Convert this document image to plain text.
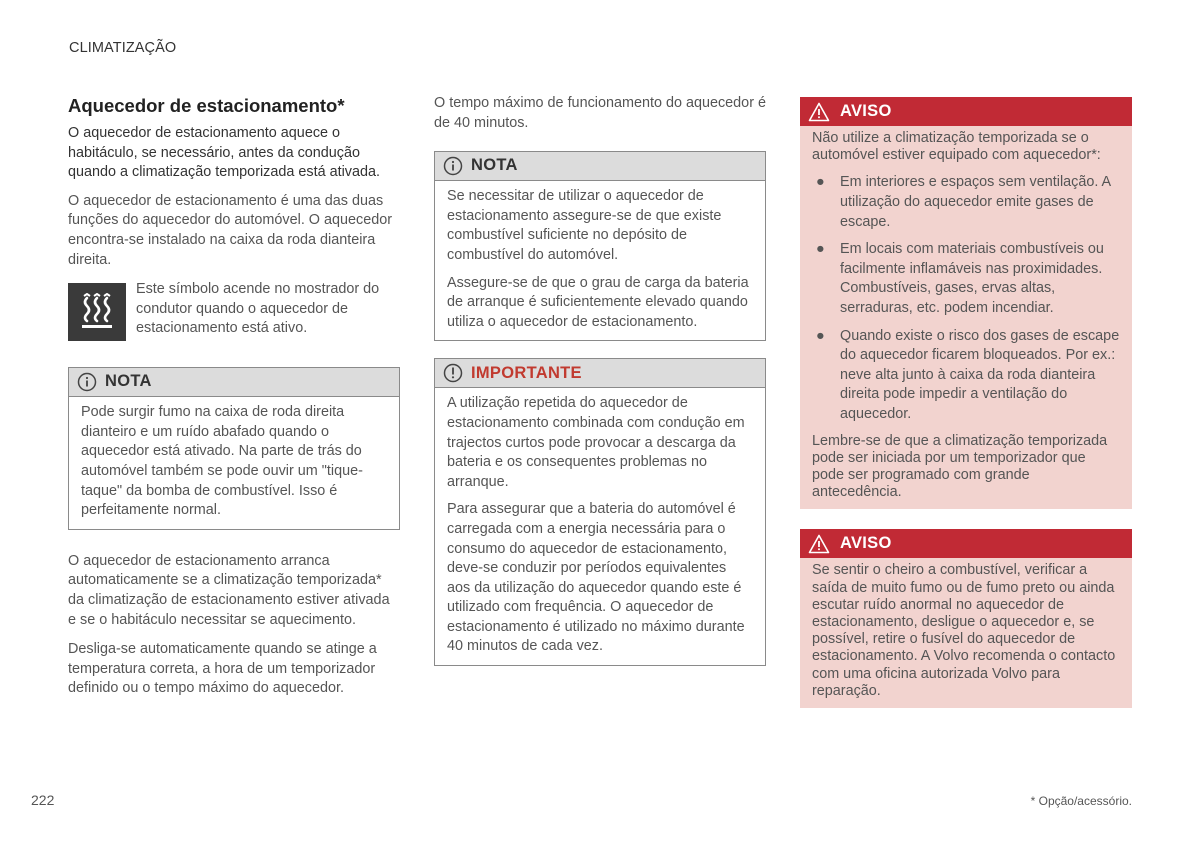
CLIMATIZAÇÃO
Aquecedor de estacionamento*

O aquecedor de estacionamento aquece o habitáculo, se necessário, antes da condução quando a climatização temporizada está ativada.

O aquecedor de estacionamento é uma das duas funções do aquecedor do automóvel. O aquecedor encontra-se instalado na caixa da roda dianteira direita.

Este símbolo acende no mostrador do condutor quando o aquecedor de estacionamento está ativo.

NOTA

Pode surgir fumo na caixa de roda direita dianteiro e um ruído abafado quando o aquecedor está ativado. Na parte de trás do automóvel também se pode ouvir um "tique-taque" da bomba de combustível. Isso é perfeitamente normal.

O aquecedor de estacionamento arranca automaticamente se a climatização temporizada* da climatização de estacionamento estiver ativada e se o habitáculo necessitar se aquecimento.

Desliga-se automaticamente quando se atinge a temperatura correta, a hora de um temporizador definido ou o tempo máximo do aquecedor.

O tempo máximo de funcionamento do aquecedor é de 40 minutos.

NOTA

Se necessitar de utilizar o aquecedor de estacionamento assegure-se de que existe combustível suficiente no depósito de combustível do automóvel.

Assegure-se de que o grau de carga da bateria de arranque é suficientemente elevado quando utiliza o aquecedor de estacionamento.

IMPORTANTE

A utilização repetida do aquecedor de estacionamento combinada com condução em trajectos curtos pode provocar a descarga da bateria e os consequentes problemas no arranque.

Para assegurar que a bateria do automóvel é carregada com a energia necessária para o consumo do aquecedor de estacionamento, deve-se conduzir por períodos equivalentes aos da utilização do aquecedor quando este é utilizado com frequência. O aquecedor de estacionamento é utilizado no máximo durante 40 minutos de cada vez.

AVISO

Não utilize a climatização temporizada se o automóvel estiver equipado com aquecedor*:

● Em interiores e espaços sem ventilação. A utilização do aquecedor emite gases de escape.
● Em locais com materiais combustíveis ou facilmente inflamáveis nas proximidades. Combustíveis, gases, ervas altas, serraduras, etc. podem incendiar.
● Quando existe o risco dos gases de escape do aquecedor ficarem bloqueados. Por ex.: neve alta junto à caixa da roda dianteira direita pode impedir a ventilação do aquecedor.

Lembre-se de que a climatização temporizada pode ser iniciada por um temporizador que pode ser programado com grande antecedência.

AVISO

Se sentir o cheiro a combustível, verificar a saída de muito fumo ou de fumo preto ou ainda escutar ruído anormal no aquecedor de estacionamento, desligue o aquecedor e, se possível, retire o fusível do aquecedor de estacionamento. A Volvo recomenda o contacto com uma oficina autorizada Volvo para reparação.

222	* Opção/acessório.
